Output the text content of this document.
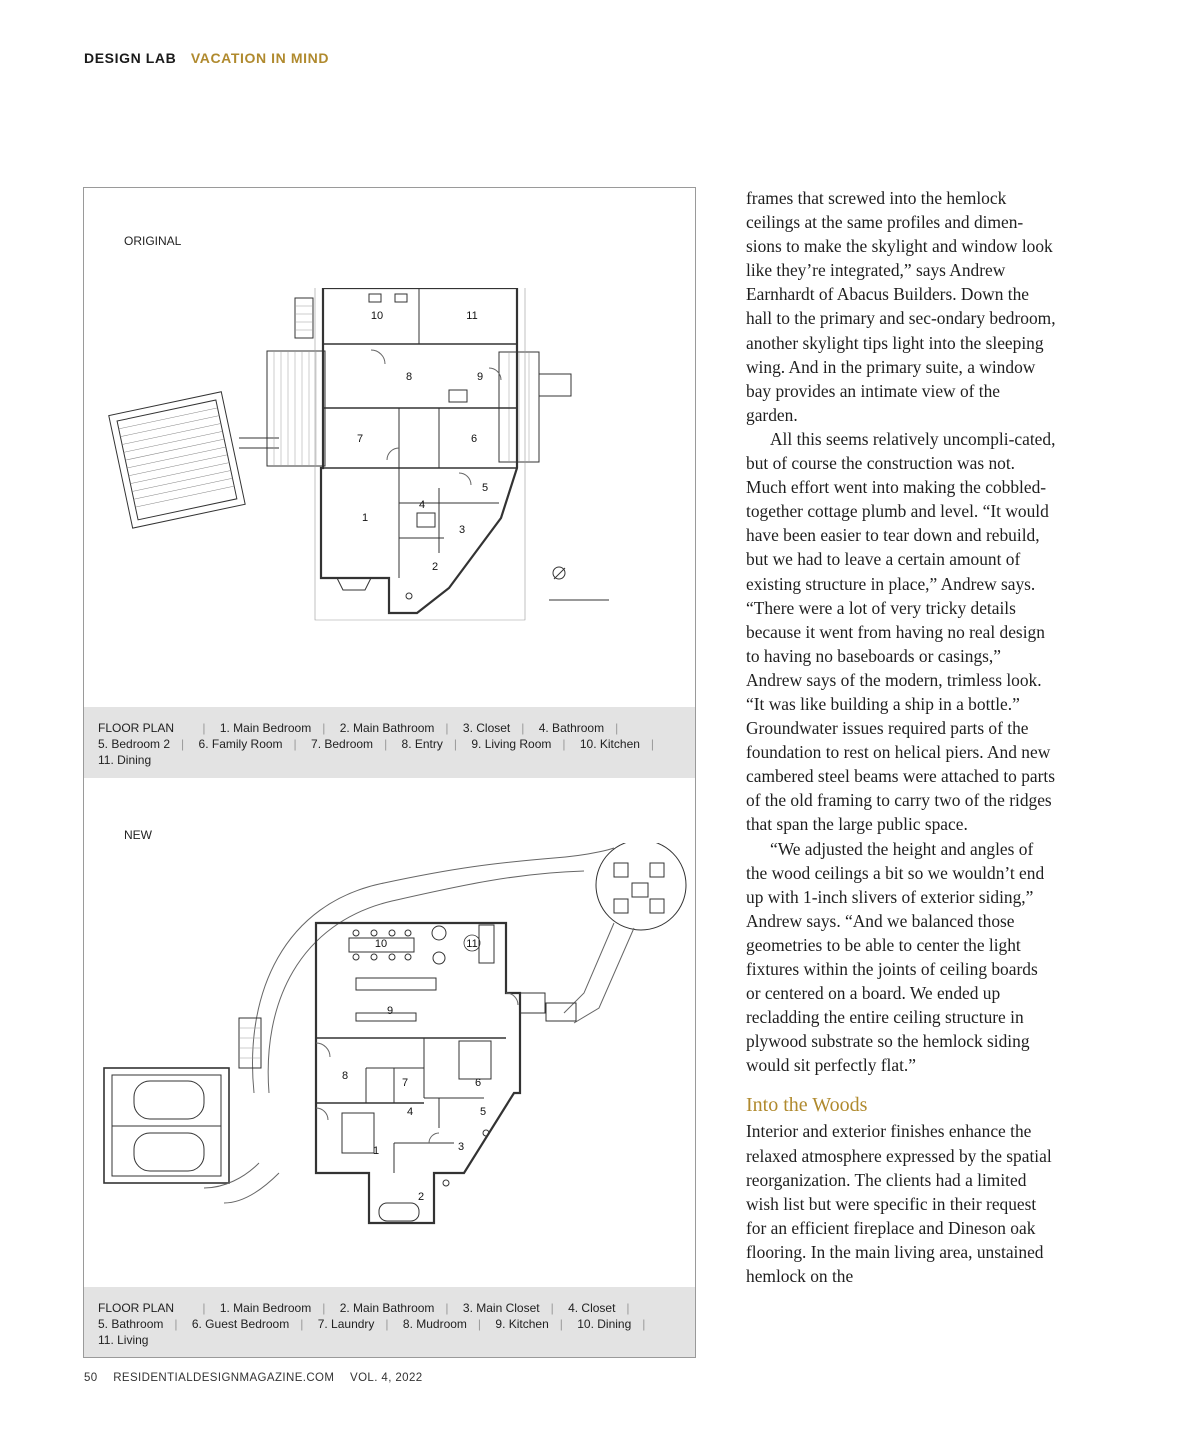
DESIGN LAB VACATION IN MIND
ORIGINAL
10	11
8	9
7	6
5
4
1
3
2
FLOOR PLAN | 1. Main Bedroom | 2. Main Bathroom | 3. Closet | 4. Bathroom | 5. Bedroom 2 | 6. Family Room | 7. Bedroom | 8. Entry | 9. Living Room | 10. Kitchen | 11. Dining
NEW
10	11
9
8
7	6
4	5
1	3
2
FLOOR PLAN | 1. Main Bedroom | 2. Main Bathroom | 3. Main Closet | 4. Closet | 5. Bathroom | 6. Guest Bedroom | 7. Laundry | 8. Mudroom | 9. Kitchen | 10. Dining | 11. Living

frames that screwed into the hemlock ceilings at the same profiles and dimen-sions to make the skylight and window look like they’re integrated,” says Andrew Earnhardt of Abacus Builders. Down the hall to the primary and sec-ondary bedroom, another skylight tips light into the sleeping wing. And in the primary suite, a window bay provides an intimate view of the garden.

All this seems relatively uncompli-cated, but of course the construction was not. Much effort went into making the cobbled-together cottage plumb and level. “It would have been easier to tear down and rebuild, but we had to leave a certain amount of existing structure in place,” Andrew says. “There were a lot of very tricky details because it went from having no real design to having no baseboards or casings,” Andrew says of the modern, trimless look. “It was like building a ship in a bottle.” Groundwater issues required parts of the foundation to rest on helical piers. And new cambered steel beams were attached to parts of the old framing to carry two of the ridges that span the large public space.

“We adjusted the height and angles of the wood ceilings a bit so we wouldn’t end up with 1-inch slivers of exterior siding,” Andrew says. “And we balanced those geometries to be able to center the light fixtures within the joints of ceiling boards or centered on a board. We ended up recladding the entire ceiling structure in plywood substrate so the hemlock siding would sit perfectly flat.”

Into the Woods

Interior and exterior finishes enhance the relaxed atmosphere expressed by the spatial reorganization. The clients had a limited wish list but were specific in their request for an efficient fireplace and Dineson oak flooring. In the main living area, unstained hemlock on the

50 RESIDENTIALDESIGNMAGAZINE.COM VOL. 4, 2022
